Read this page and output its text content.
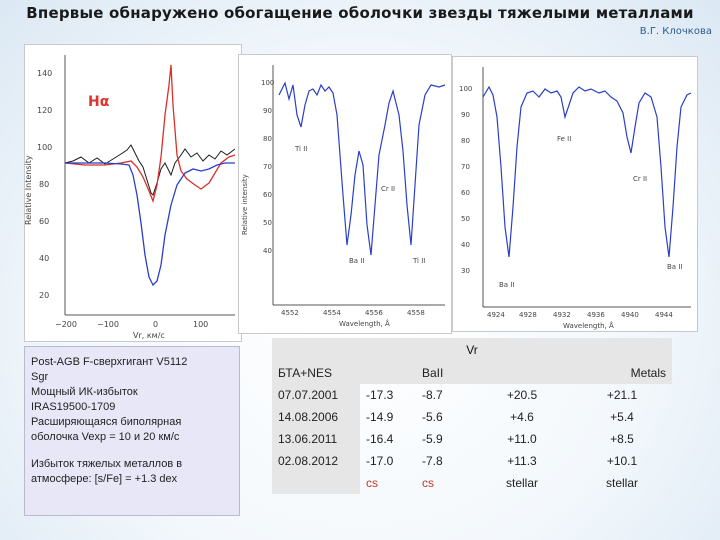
Впервые обнаружено обогащение оболочки звезды тяжелыми металлами
В.Г. Клочкова
20
40
60
80
100
120
140
−200	−100	0	100
Vr, км/с
Relative Intensity
Hα
100
90
80
70
60
50
40
4552	4554	4556	4558
Wavelength, Å
Relative intensity
Ti II
Cr II
Ba II	Ti II
100
90
80
70
60
50
40
30
4924 4928 4932 4936 4940 4944
Wavelength, Å
Fe II
Cr II
Ba II
Ba II

Post-AGB F-сверхгигант V5112

Sgr

Мощный ИК-избыток

IRAS19500-1709

Расширяющаяся биполярная

оболочка Vexp = 10 и 20 км/с

Избыток тяжелых металлов в

атмосфере: [s/Fe] = +1.3 dex

Vr
БТА+NES		BaII		Metals
07.07.2001	-17.3	-8.7	+20.5	+21.1
14.08.2006	-14.9	-5.6	+4.6	+5.4
13.06.2011	-16.4	-5.9	+11.0	+8.5
02.08.2012	-17.0	-7.8	+11.3	+10.1
	cs	cs	stellar	stellar
